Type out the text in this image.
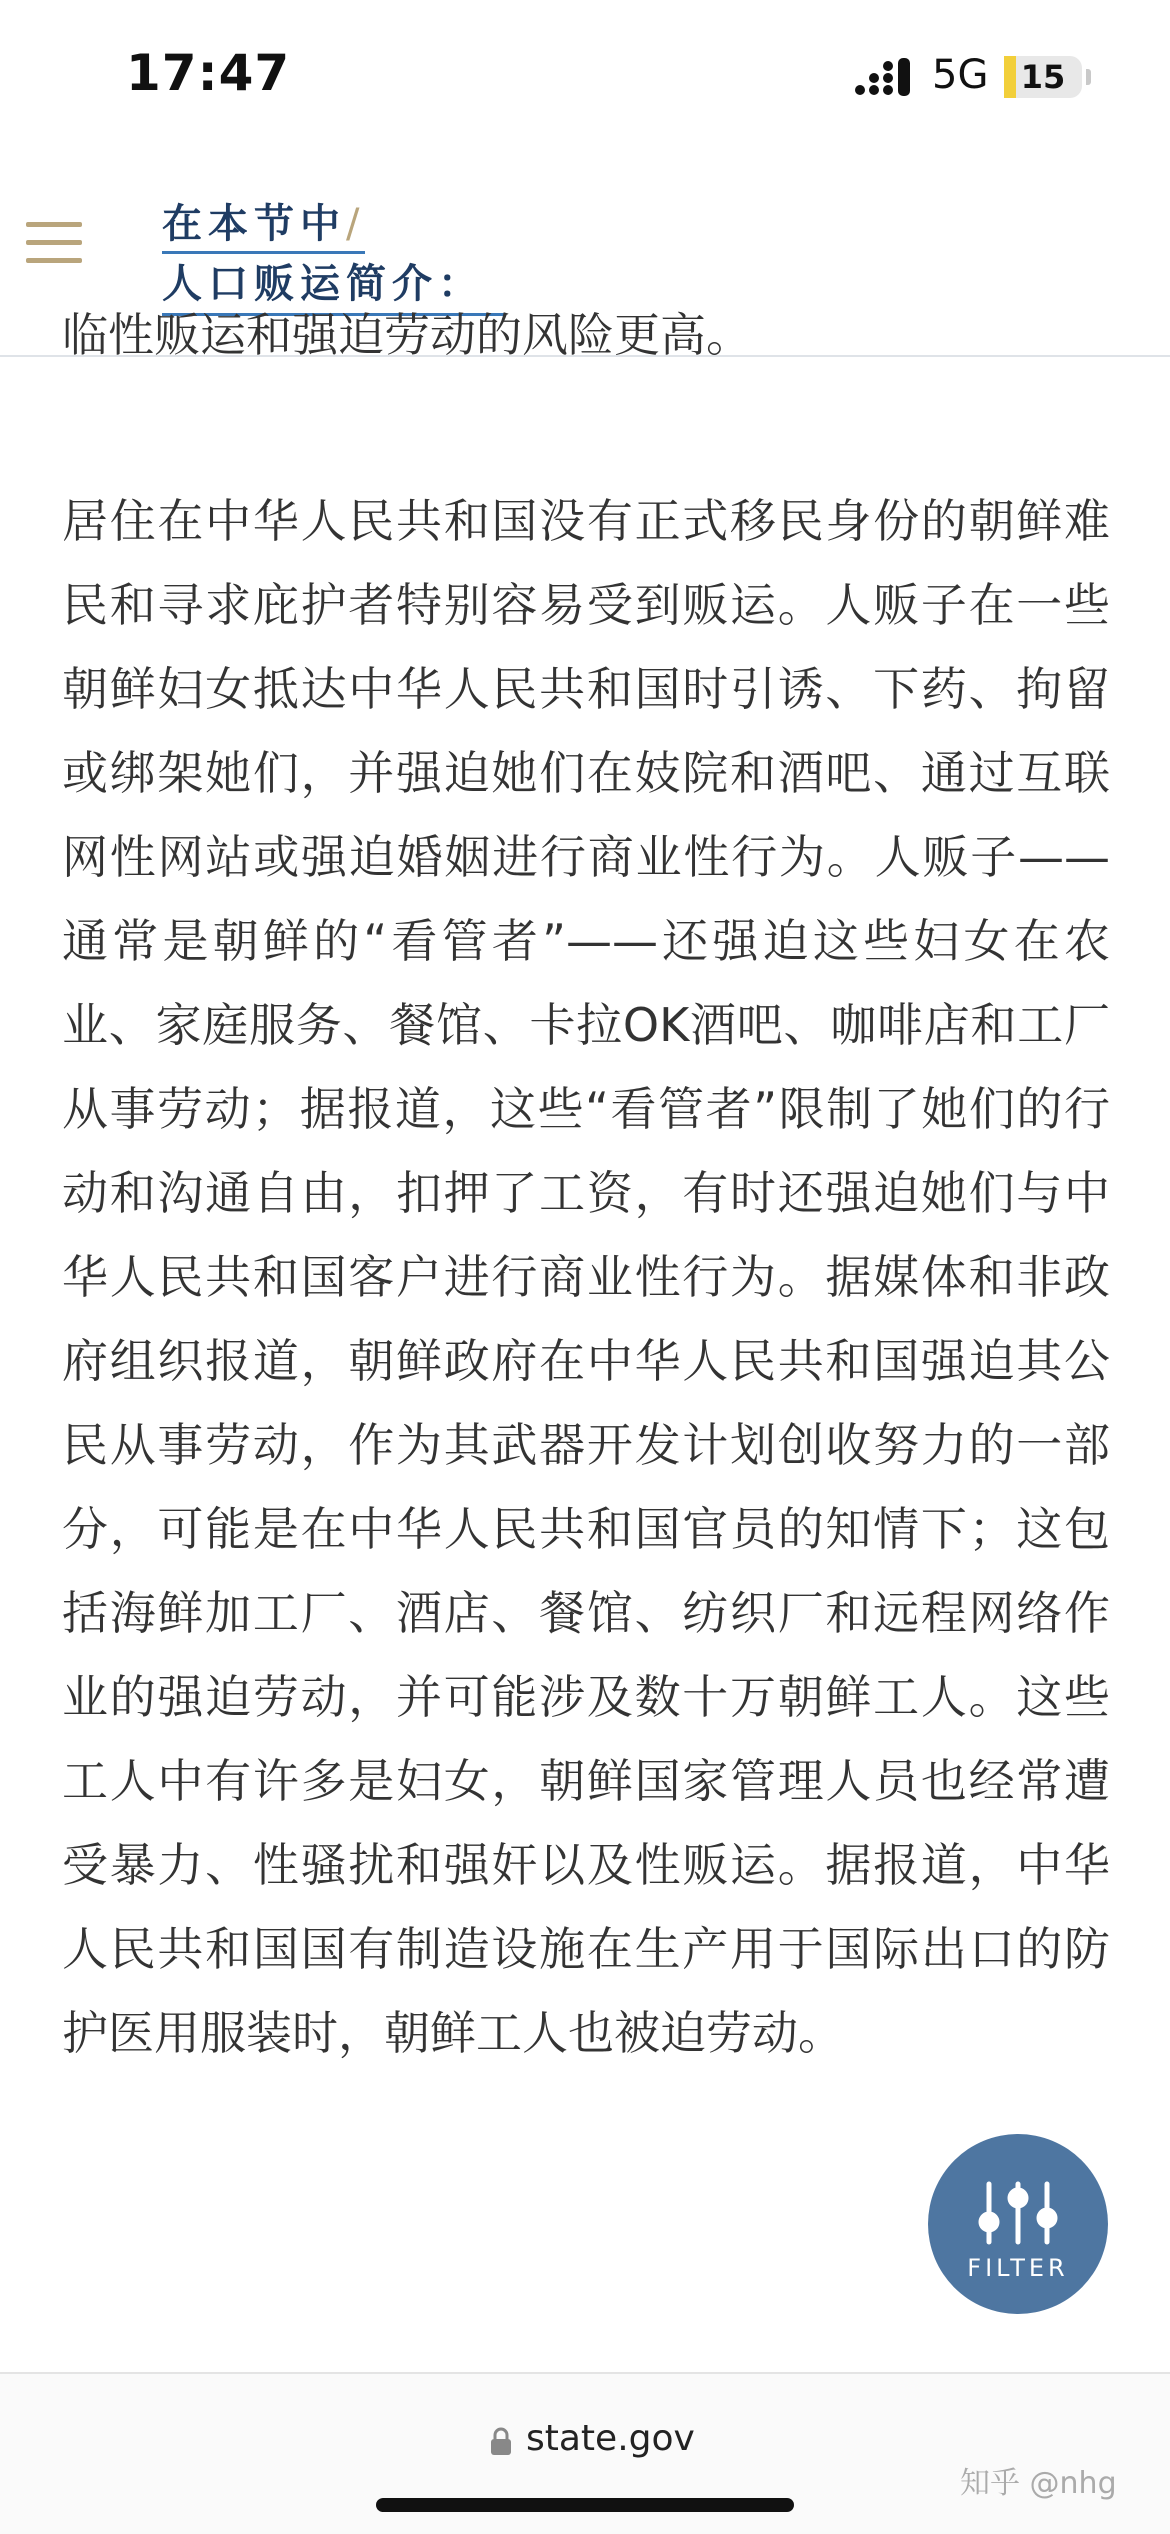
17:47	5G	15
在本节中/
人口贩运简介：
临性贩运和强迫劳动的风险更高。

居住在中华人民共和国没有正式移民身份的朝鲜难民和寻求庇护者特别容易受到贩运。人贩子在一些朝鲜妇女抵达中华人民共和国时引诱、下药、拘留或绑架她们，并强迫她们在妓院和酒吧、通过互联网性网站或强迫婚姻进行商业性行为。人贩子——通常是朝鲜的“看管者”——还强迫这些妇女在农业、家庭服务、餐馆、卡拉OK酒吧、咖啡店和工厂从事劳动；据报道，这些“看管者”限制了她们的行动和沟通自由，扣押了工资，有时还强迫她们与中华人民共和国客户进行商业性行为。据媒体和非政府组织报道，朝鲜政府在中华人民共和国强迫其公民从事劳动，作为其武器开发计划创收努力的一部分，可能是在中华人民共和国官员的知情下；这包括海鲜加工厂、酒店、餐馆、纺织厂和远程网络作业的强迫劳动，并可能涉及数十万朝鲜工人。这些工人中有许多是妇女，朝鲜国家管理人员也经常遭受暴力、性骚扰和强奸以及性贩运。据报道，中华人民共和国国有制造设施在生产用于国际出口的防护医用服装时，朝鲜工人也被迫劳动。

FILTER
state.gov
知乎 @nhg
